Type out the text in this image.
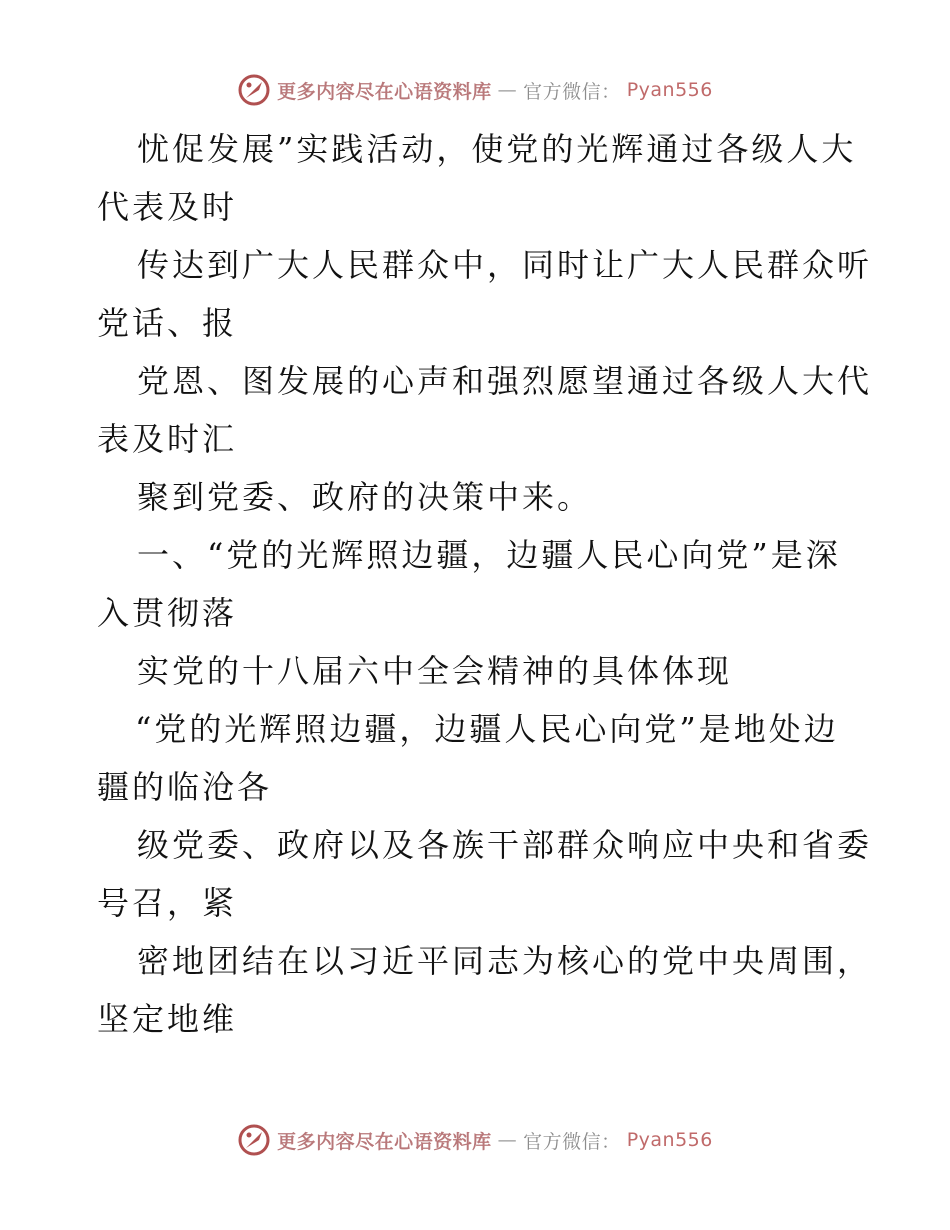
更多内容尽在心语资料库 — 官方微信： Pyan556
忧促发展”实践活动，使党的光辉通过各级人大
代表及时
传达到广大人民群众中，同时让广大人民群众听
党话、报
党恩、图发展的心声和强烈愿望通过各级人大代
表及时汇
聚到党委、政府的决策中来。
一、“党的光辉照边疆，边疆人民心向党”是深
入贯彻落
实党的十八届六中全会精神的具体体现
“党的光辉照边疆，边疆人民心向党”是地处边
疆的临沧各
级党委、政府以及各族干部群众响应中央和省委
号召，紧
密地团结在以习近平同志为核心的党中央周围，
坚定地维
更多内容尽在心语资料库 — 官方微信： Pyan556
